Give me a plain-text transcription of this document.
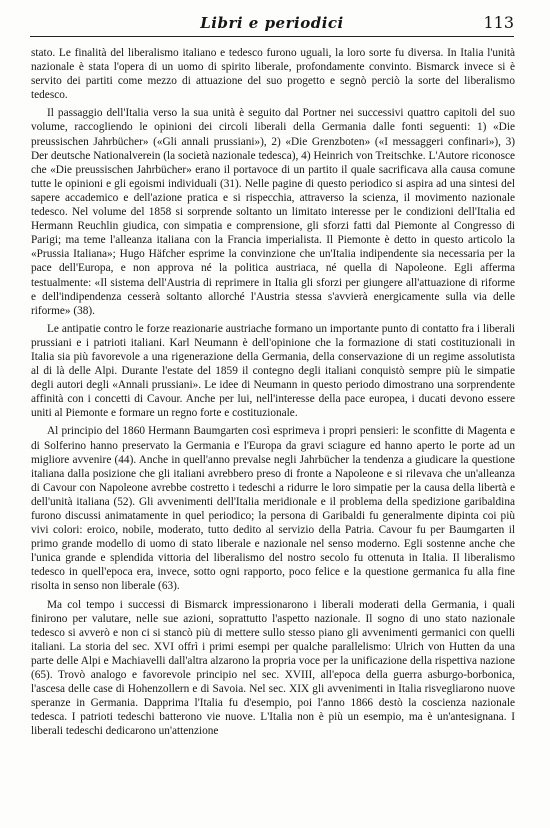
Libri e periodici	113

stato. Le finalità del liberalismo italiano e tedesco furono uguali, la loro sorte fu diversa. In Italia l'unità nazionale è stata l'opera di un uomo di spirito liberale, profondamente convinto. Bismarck invece si è servito dei partiti come mezzo di attuazione del suo progetto e segnò perciò la sorte del liberalismo tedesco.

Il passaggio dell'Italia verso la sua unità è seguito dal Portner nei successivi quattro capitoli del suo volume, raccogliendo le opinioni dei circoli liberali della Germania dalle fonti seguenti: 1) «Die preussischen Jahrbücher» («Gli annali prussiani»), 2) «Die Grenzboten» («I messaggeri confinari»), 3) Der deutsche Nationalverein (la società nazionale tedesca), 4) Heinrich von Treitschke. L'Autore riconosce che «Die preussischen Jahrbücher» erano il portavoce di un partito il quale sacrificava alla causa comune tutte le opinioni e gli egoismi individuali (31). Nelle pagine di questo periodico si aspira ad una sintesi del sapere accademico e dell'azione pratica e si rispecchia, attraverso la scienza, il movimento nazionale tedesco. Nel volume del 1858 si sorprende soltanto un limitato interesse per le condizioni dell'Italia ed Hermann Reuchlin giudica, con simpatia e comprensione, gli sforzi fatti dal Piemonte al Congresso di Parigi; ma teme l'alleanza italiana con la Francia imperialista. Il Piemonte è detto in questo articolo la «Prussia Italiana»; Hugo Häfcher esprime la convinzione che un'Italia indipendente sia necessaria per la pace dell'Europa, e non approva né la politica austriaca, né quella di Napoleone. Egli afferma testualmente: «Il sistema dell'Austria di reprimere in Italia gli sforzi per giungere all'attuazione di riforme e dell'indipendenza cesserà soltanto allorché l'Austria stessa s'avvierà energicamente sulla via delle riforme» (38).

Le antipatie contro le forze reazionarie austriache formano un importante punto di contatto fra i liberali prussiani e i patrioti italiani. Karl Neumann è dell'opinione che la formazione di stati costituzionali in Italia sia più favorevole a una rigenerazione della Germania, della conservazione di un regime assolutista al di là delle Alpi. Durante l'estate del 1859 il contegno degli italiani conquistò sempre più le simpatie degli autori degli «Annali prussiani». Le idee di Neumann in questo periodo dimostrano una sorprendente affinità con i concetti di Cavour. Anche per lui, nell'interesse della pace europea, i ducati devono essere uniti al Piemonte e formare un regno forte e costituzionale.

Al principio del 1860 Hermann Baumgarten così esprimeva i propri pensieri: le sconfitte di Magenta e di Solferino hanno preservato la Germania e l'Europa da gravi sciagure ed hanno aperto le porte ad un migliore avvenire (44). Anche in quell'anno prevalse negli Jahrbücher la tendenza a giudicare la questione italiana dalla posizione che gli italiani avrebbero preso di fronte a Napoleone e si rilevava che un'alleanza di Cavour con Napoleone avrebbe costretto i tedeschi a ridurre le loro simpatie per la causa della libertà e dell'unità italiana (52). Gli avvenimenti dell'Italia meridionale e il problema della spedizione garibaldina furono discussi animatamente in quel periodico; la persona di Garibaldi fu generalmente dipinta coi più vivi colori: eroico, nobile, moderato, tutto dedito al servizio della Patria. Cavour fu per Baumgarten il primo grande modello di uomo di stato liberale e nazionale nel senso moderno. Egli sostenne anche che l'unica grande e splendida vittoria del liberalismo del nostro secolo fu ottenuta in Italia. Il liberalismo tedesco in quell'epoca era, invece, sotto ogni rapporto, poco felice e la questione germanica fu alla fine risolta in senso non liberale (63).

Ma col tempo i successi di Bismarck impressionarono i liberali moderati della Germania, i quali finirono per valutare, nelle sue azioni, soprattutto l'aspetto nazionale. Il sogno di uno stato nazionale tedesco si avverò e non ci si stancò più di mettere sullo stesso piano gli avvenimenti germanici con quelli italiani. La storia del sec. XVI offrì i primi esempi per qualche parallelismo: Ulrich von Hutten da una parte delle Alpi e Machiavelli dall'altra alzarono la propria voce per la unificazione della rispettiva nazione (65). Trovò analogo e favorevole principio nel sec. XVIII, all'epoca della guerra asburgo-borbonica, l'ascesa delle case di Hohenzollern e di Savoia. Nel sec. XIX gli avvenimenti in Italia risvegliarono nuove speranze in Germania. Dapprima l'Italia fu d'esempio, poi l'anno 1866 destò la coscienza nazionale tedesca. I patrioti tedeschi batterono vie nuove. L'Italia non è più un esempio, ma è un'antesignana. I liberali tedeschi dedicarono un'attenzione
